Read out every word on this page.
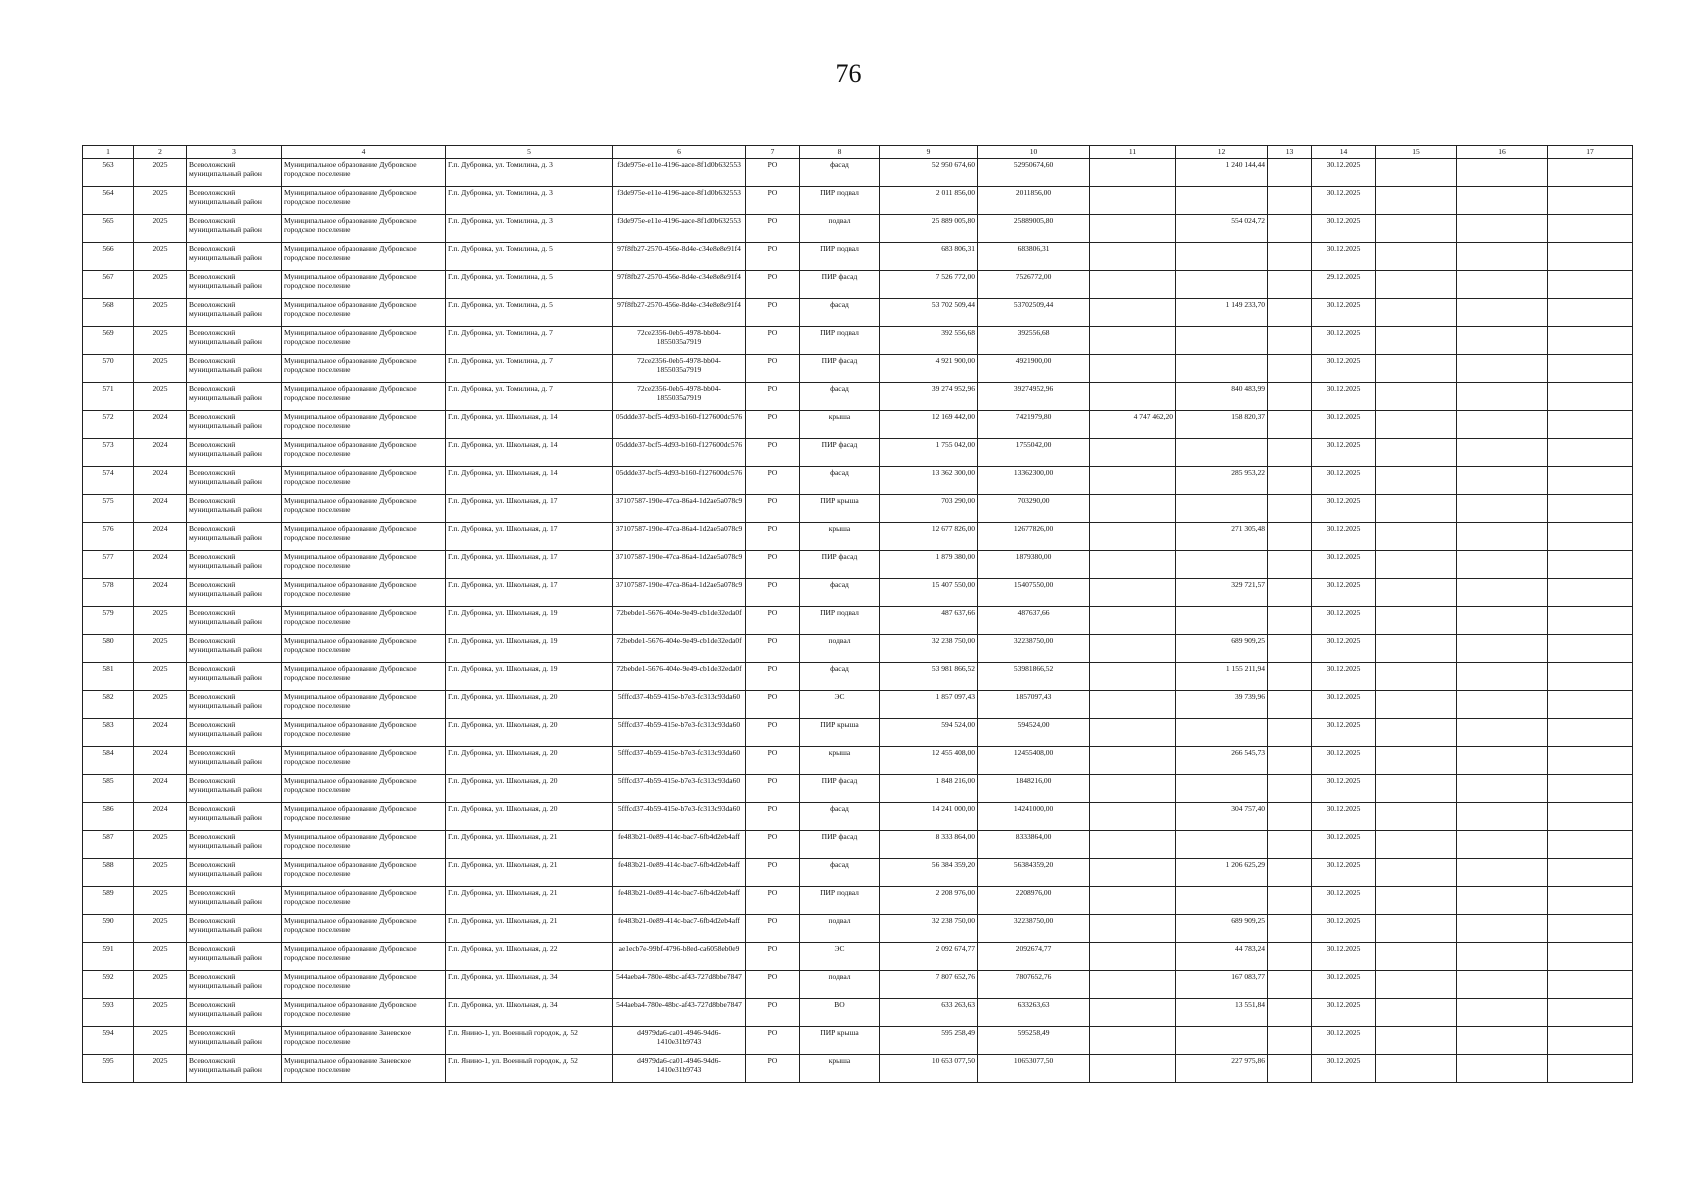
76
1	2	3	4	5	6	7	8	9	10	11	12	13	14	15	16	17
563	2025	Всеволожский муниципальный район	Муниципальное образование Дубровское городское поселение	Г.п. Дубровка, ул. Томилина, д. 3	f3de975e-e11e-4196-aace-8f1d0b632553	РО	фасад	52 950 674,60	52950674,60		1 240 144,44		30.12.2025			
564	2025	Всеволожский муниципальный район	Муниципальное образование Дубровское городское поселение	Г.п. Дубровка, ул. Томилина, д. 3	f3de975e-e11e-4196-aace-8f1d0b632553	РО	ПИР подвал	2 011 856,00	2011856,00				30.12.2025			
565	2025	Всеволожский муниципальный район	Муниципальное образование Дубровское городское поселение	Г.п. Дубровка, ул. Томилина, д. 3	f3de975e-e11e-4196-aace-8f1d0b632553	РО	подвал	25 889 005,80	25889005,80		554 024,72		30.12.2025			
566	2025	Всеволожский муниципальный район	Муниципальное образование Дубровское городское поселение	Г.п. Дубровка, ул. Томилина, д. 5	97f8fb27-2570-456e-8d4e-c34e8e8e91f4	РО	ПИР подвал	683 806,31	683806,31				30.12.2025			
567	2025	Всеволожский муниципальный район	Муниципальное образование Дубровское городское поселение	Г.п. Дубровка, ул. Томилина, д. 5	97f8fb27-2570-456e-8d4e-c34e8e8e91f4	РО	ПИР фасад	7 526 772,00	7526772,00				29.12.2025			
568	2025	Всеволожский муниципальный район	Муниципальное образование Дубровское городское поселение	Г.п. Дубровка, ул. Томилина, д. 5	97f8fb27-2570-456e-8d4e-c34e8e8e91f4	РО	фасад	53 702 509,44	53702509,44		1 149 233,70		30.12.2025			
569	2025	Всеволожский муниципальный район	Муниципальное образование Дубровское городское поселение	Г.п. Дубровка, ул. Томилина, д. 7	72ce2356-0eb5-4978-bb04-1855035a7919	РО	ПИР подвал	392 556,68	392556,68				30.12.2025			
570	2025	Всеволожский муниципальный район	Муниципальное образование Дубровское городское поселение	Г.п. Дубровка, ул. Томилина, д. 7	72ce2356-0eb5-4978-bb04-1855035a7919	РО	ПИР фасад	4 921 900,00	4921900,00				30.12.2025			
571	2025	Всеволожский муниципальный район	Муниципальное образование Дубровское городское поселение	Г.п. Дубровка, ул. Томилина, д. 7	72ce2356-0eb5-4978-bb04-1855035a7919	РО	фасад	39 274 952,96	39274952,96		840 483,99		30.12.2025			
572	2024	Всеволожский муниципальный район	Муниципальное образование Дубровское городское поселение	Г.п. Дубровка, ул. Школьная, д. 14	05ddde37-bcf5-4d93-b160-f127600dc576	РО	крыша	12 169 442,00	7421979,80	4 747 462,20	158 820,37		30.12.2025			
573	2024	Всеволожский муниципальный район	Муниципальное образование Дубровское городское поселение	Г.п. Дубровка, ул. Школьная, д. 14	05ddde37-bcf5-4d93-b160-f127600dc576	РО	ПИР фасад	1 755 042,00	1755042,00				30.12.2025			
574	2024	Всеволожский муниципальный район	Муниципальное образование Дубровское городское поселение	Г.п. Дубровка, ул. Школьная, д. 14	05ddde37-bcf5-4d93-b160-f127600dc576	РО	фасад	13 362 300,00	13362300,00		285 953,22		30.12.2025			
575	2024	Всеволожский муниципальный район	Муниципальное образование Дубровское городское поселение	Г.п. Дубровка, ул. Школьная, д. 17	37107587-190e-47ca-86a4-1d2ae5a078c9	РО	ПИР крыша	703 290,00	703290,00				30.12.2025			
576	2024	Всеволожский муниципальный район	Муниципальное образование Дубровское городское поселение	Г.п. Дубровка, ул. Школьная, д. 17	37107587-190e-47ca-86a4-1d2ae5a078c9	РО	крыша	12 677 826,00	12677826,00		271 305,48		30.12.2025			
577	2024	Всеволожский муниципальный район	Муниципальное образование Дубровское городское поселение	Г.п. Дубровка, ул. Школьная, д. 17	37107587-190e-47ca-86a4-1d2ae5a078c9	РО	ПИР фасад	1 879 380,00	1879380,00				30.12.2025			
578	2024	Всеволожский муниципальный район	Муниципальное образование Дубровское городское поселение	Г.п. Дубровка, ул. Школьная, д. 17	37107587-190e-47ca-86a4-1d2ae5a078c9	РО	фасад	15 407 550,00	15407550,00		329 721,57		30.12.2025			
579	2025	Всеволожский муниципальный район	Муниципальное образование Дубровское городское поселение	Г.п. Дубровка, ул. Школьная, д. 19	72bebde1-5676-404e-9e49-cb1de32eda0f	РО	ПИР подвал	487 637,66	487637,66				30.12.2025			
580	2025	Всеволожский муниципальный район	Муниципальное образование Дубровское городское поселение	Г.п. Дубровка, ул. Школьная, д. 19	72bebde1-5676-404e-9e49-cb1de32eda0f	РО	подвал	32 238 750,00	32238750,00		689 909,25		30.12.2025			
581	2025	Всеволожский муниципальный район	Муниципальное образование Дубровское городское поселение	Г.п. Дубровка, ул. Школьная, д. 19	72bebde1-5676-404e-9e49-cb1de32eda0f	РО	фасад	53 981 866,52	53981866,52		1 155 211,94		30.12.2025			
582	2025	Всеволожский муниципальный район	Муниципальное образование Дубровское городское поселение	Г.п. Дубровка, ул. Школьная, д. 20	5fffcd37-4b59-415e-b7e3-fc313c93da60	РО	ЭС	1 857 097,43	1857097,43		39 739,96		30.12.2025			
583	2024	Всеволожский муниципальный район	Муниципальное образование Дубровское городское поселение	Г.п. Дубровка, ул. Школьная, д. 20	5fffcd37-4b59-415e-b7e3-fc313c93da60	РО	ПИР крыша	594 524,00	594524,00				30.12.2025			
584	2024	Всеволожский муниципальный район	Муниципальное образование Дубровское городское поселение	Г.п. Дубровка, ул. Школьная, д. 20	5fffcd37-4b59-415e-b7e3-fc313c93da60	РО	крыша	12 455 408,00	12455408,00		266 545,73		30.12.2025			
585	2024	Всеволожский муниципальный район	Муниципальное образование Дубровское городское поселение	Г.п. Дубровка, ул. Школьная, д. 20	5fffcd37-4b59-415e-b7e3-fc313c93da60	РО	ПИР фасад	1 848 216,00	1848216,00				30.12.2025			
586	2024	Всеволожский муниципальный район	Муниципальное образование Дубровское городское поселение	Г.п. Дубровка, ул. Школьная, д. 20	5fffcd37-4b59-415e-b7e3-fc313c93da60	РО	фасад	14 241 000,00	14241000,00		304 757,40		30.12.2025			
587	2025	Всеволожский муниципальный район	Муниципальное образование Дубровское городское поселение	Г.п. Дубровка, ул. Школьная, д. 21	fe483b21-0e89-414c-bac7-6fb4d2eb4aff	РО	ПИР фасад	8 333 864,00	8333864,00				30.12.2025			
588	2025	Всеволожский муниципальный район	Муниципальное образование Дубровское городское поселение	Г.п. Дубровка, ул. Школьная, д. 21	fe483b21-0e89-414c-bac7-6fb4d2eb4aff	РО	фасад	56 384 359,20	56384359,20		1 206 625,29		30.12.2025			
589	2025	Всеволожский муниципальный район	Муниципальное образование Дубровское городское поселение	Г.п. Дубровка, ул. Школьная, д. 21	fe483b21-0e89-414c-bac7-6fb4d2eb4aff	РО	ПИР подвал	2 208 976,00	2208976,00				30.12.2025			
590	2025	Всеволожский муниципальный район	Муниципальное образование Дубровское городское поселение	Г.п. Дубровка, ул. Школьная, д. 21	fe483b21-0e89-414c-bac7-6fb4d2eb4aff	РО	подвал	32 238 750,00	32238750,00		689 909,25		30.12.2025			
591	2025	Всеволожский муниципальный район	Муниципальное образование Дубровское городское поселение	Г.п. Дубровка, ул. Школьная, д. 22	ae1ecb7e-99bf-4796-b8ed-ca6058eb0e9	РО	ЭС	2 092 674,77	2092674,77		44 783,24		30.12.2025			
592	2025	Всеволожский муниципальный район	Муниципальное образование Дубровское городское поселение	Г.п. Дубровка, ул. Школьная, д. 34	544aeba4-780e-48bc-af43-727d8bbe7847	РО	подвал	7 807 652,76	7807652,76		167 083,77		30.12.2025			
593	2025	Всеволожский муниципальный район	Муниципальное образование Дубровское городское поселение	Г.п. Дубровка, ул. Школьная, д. 34	544aeba4-780e-48bc-af43-727d8bbe7847	РО	ВО	633 263,63	633263,63		13 551,84		30.12.2025			
594	2025	Всеволожский муниципальный район	Муниципальное образование Заневское городское поселение	Г.п. Янино-1, ул. Военный городок, д. 52	d4979da6-ca01-4946-94d6-1410e31b9743	РО	ПИР крыша	595 258,49	595258,49				30.12.2025			
595	2025	Всеволожский муниципальный район	Муниципальное образование Заневское городское поселение	Г.п. Янино-1, ул. Военный городок, д. 52	d4979da6-ca01-4946-94d6-1410e31b9743	РО	крыша	10 653 077,50	10653077,50		227 975,86		30.12.2025			
